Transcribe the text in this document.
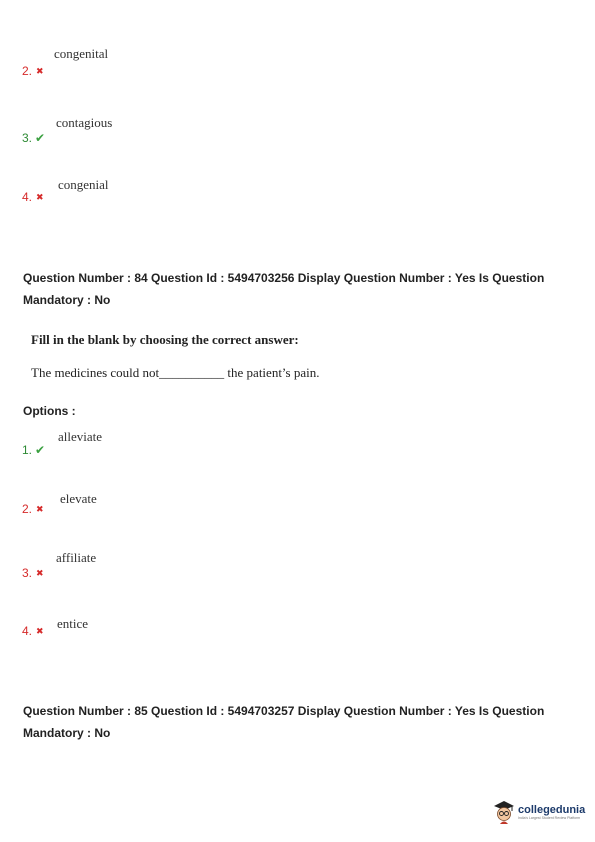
congenital
2. ✖
contagious
3. ✔
congenial
4. ✖
Question Number : 84 Question Id : 5494703256 Display Question Number : Yes Is Question
Mandatory : No
Fill in the blank by choosing the correct answer:
The medicines could not__________ the patient’s pain.
Options :
alleviate
1. ✔
elevate
2. ✖
affiliate
3. ✖
entice
4. ✖
Question Number : 85 Question Id : 5494703257 Display Question Number : Yes Is Question
Mandatory : No
collegedunia
India's Largest Student Review Platform
